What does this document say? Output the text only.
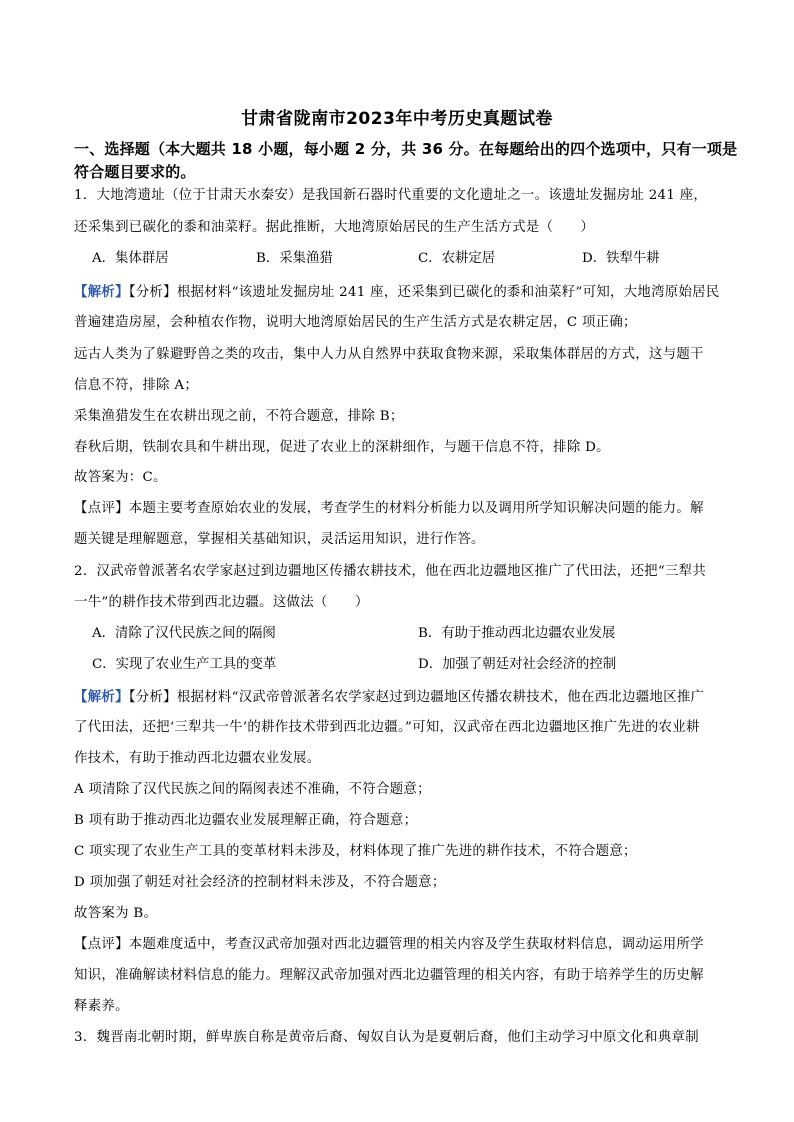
甘肃省陇南市2023年中考历史真题试卷
一、选择题（本大题共 18 小题，每小题 2 分，共 36 分。在每题给出的四个选项中，只有一项是
符合题目要求的。
1．大地湾遗址（位于甘肃天水秦安）是我国新石器时代重要的文化遗址之一。该遗址发掘房址 241 座，
还采集到已碳化的黍和油菜籽。据此推断，大地湾原始居民的生产生活方式是（　　）
A．集体群居	B．采集渔猎	C．农耕定居	D．铁犁牛耕
【解析】【分析】根据材料“该遗址发掘房址 241 座，还采集到已碳化的黍和油菜籽”可知，大地湾原始居民
普遍建造房屋，会种植农作物，说明大地湾原始居民的生产生活方式是农耕定居，C 项正确；
远古人类为了躲避野兽之类的攻击，集中人力从自然界中获取食物来源，采取集体群居的方式，这与题干
信息不符，排除 A；
采集渔猎发生在农耕出现之前，不符合题意，排除 B；
春秋后期，铁制农具和牛耕出现，促进了农业上的深耕细作，与题干信息不符，排除 D。
故答案为：C。
【点评】本题主要考查原始农业的发展，考查学生的材料分析能力以及调用所学知识解决问题的能力。解
题关键是理解题意，掌握相关基础知识，灵活运用知识，进行作答。
2．汉武帝曾派著名农学家赵过到边疆地区传播农耕技术，他在西北边疆地区推广了代田法，还把“三犁共
一牛”的耕作技术带到西北边疆。这做法（　　）
A．清除了汉代民族之间的隔阂	B．有助于推动西北边疆农业发展
C．实现了农业生产工具的变革	D．加强了朝廷对社会经济的控制
【解析】【分析】根据材料“汉武帝曾派著名农学家赵过到边疆地区传播农耕技术，他在西北边疆地区推广
了代田法，还把‘三犁共一牛’的耕作技术带到西北边疆。”可知，汉武帝在西北边疆地区推广先进的农业耕
作技术，有助于推动西北边疆农业发展。
A 项清除了汉代民族之间的隔阂表述不准确，不符合题意；
B 项有助于推动西北边疆农业发展理解正确，符合题意；
C 项实现了农业生产工具的变革材料未涉及，材料体现了推广先进的耕作技术，不符合题意；
D 项加强了朝廷对社会经济的控制材料未涉及，不符合题意；
故答案为 B。
【点评】本题难度适中，考查汉武帝加强对西北边疆管理的相关内容及学生获取材料信息，调动运用所学
知识，准确解读材料信息的能力。理解汉武帝加强对西北边疆管理的相关内容，有助于培养学生的历史解
释素养。
3．魏晋南北朝时期，鲜卑族自称是黄帝后裔、匈奴自认为是夏朝后裔，他们主动学习中原文化和典章制
